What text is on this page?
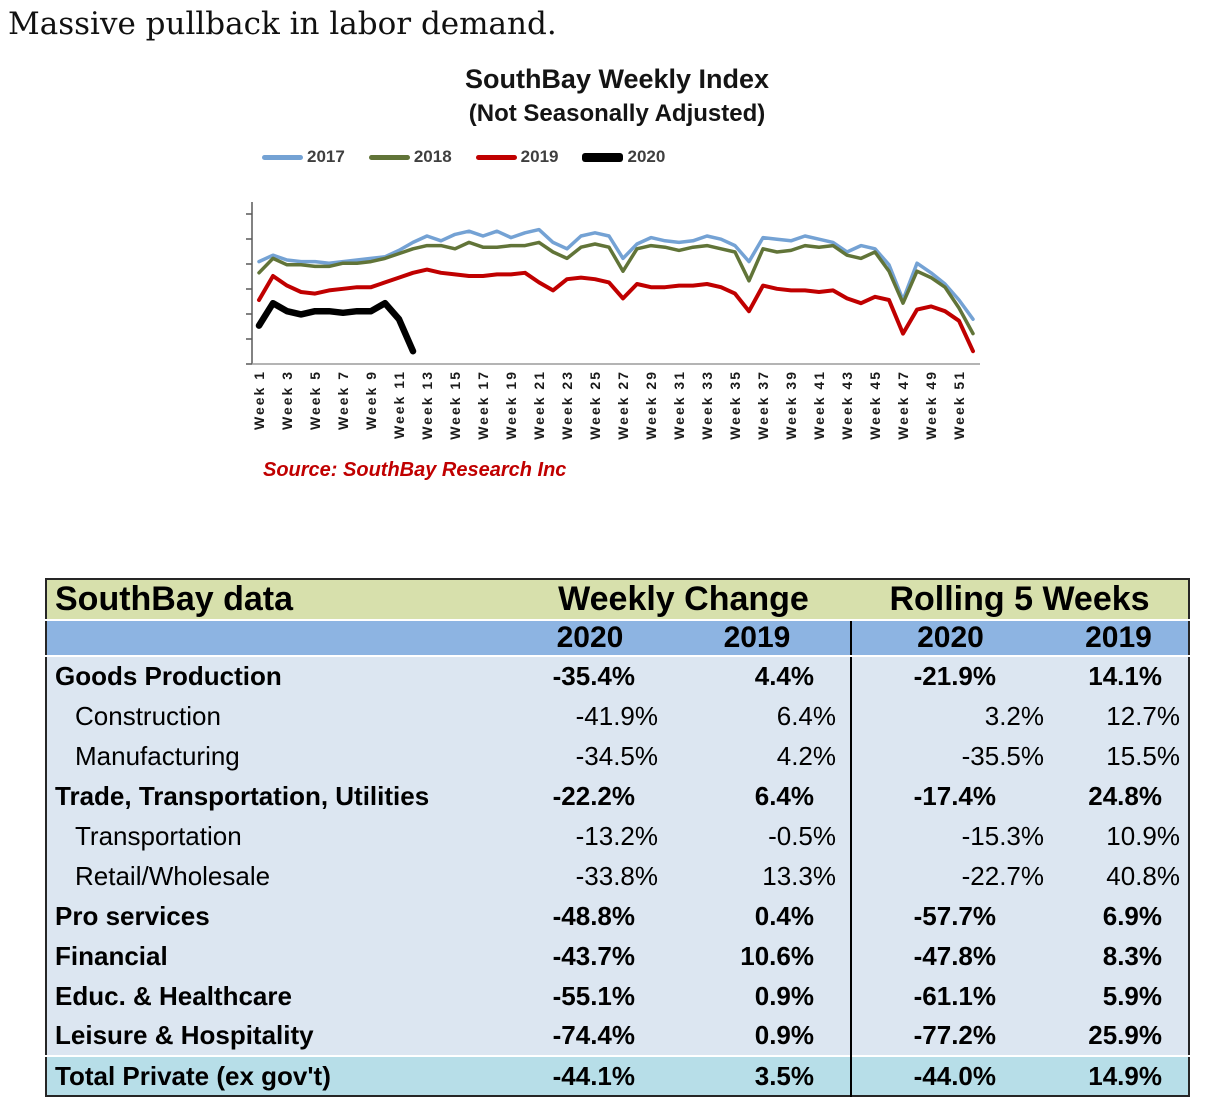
Massive pullback in labor demand.
SouthBay Weekly Index
(Not Seasonally Adjusted)
2017	2018	2019	2020
Week 1 Week 3 Week 5 Week 7 Week 9 Week 11 Week 13 Week 15 Week 17 Week 19 Week 21 Week 23 Week 25 Week 27 Week 29 Week 31 Week 33 Week 35 Week 37 Week 39 Week 41 Week 43 Week 45 Week 47 Week 49 Week 51
Source: SouthBay Research Inc
SouthBay data	Weekly Change		Rolling 5 Weeks	
	2020	2019	2020	2019
Goods Production	-35.4%	4.4%	-21.9%	14.1%
Construction	-41.9%	6.4%	3.2%	12.7%
Manufacturing	-34.5%	4.2%	-35.5%	15.5%
Trade, Transportation, Utilities	-22.2%	6.4%	-17.4%	24.8%
Transportation	-13.2%	-0.5%	-15.3%	10.9%
Retail/Wholesale	-33.8%	13.3%	-22.7%	40.8%
Pro services	-48.8%	0.4%	-57.7%	6.9%
Financial	-43.7%	10.6%	-47.8%	8.3%
Educ. & Healthcare	-55.1%	0.9%	-61.1%	5.9%
Leisure & Hospitality	-74.4%	0.9%	-77.2%	25.9%
Total Private (ex gov't)	-44.1%	3.5%	-44.0%	14.9%
